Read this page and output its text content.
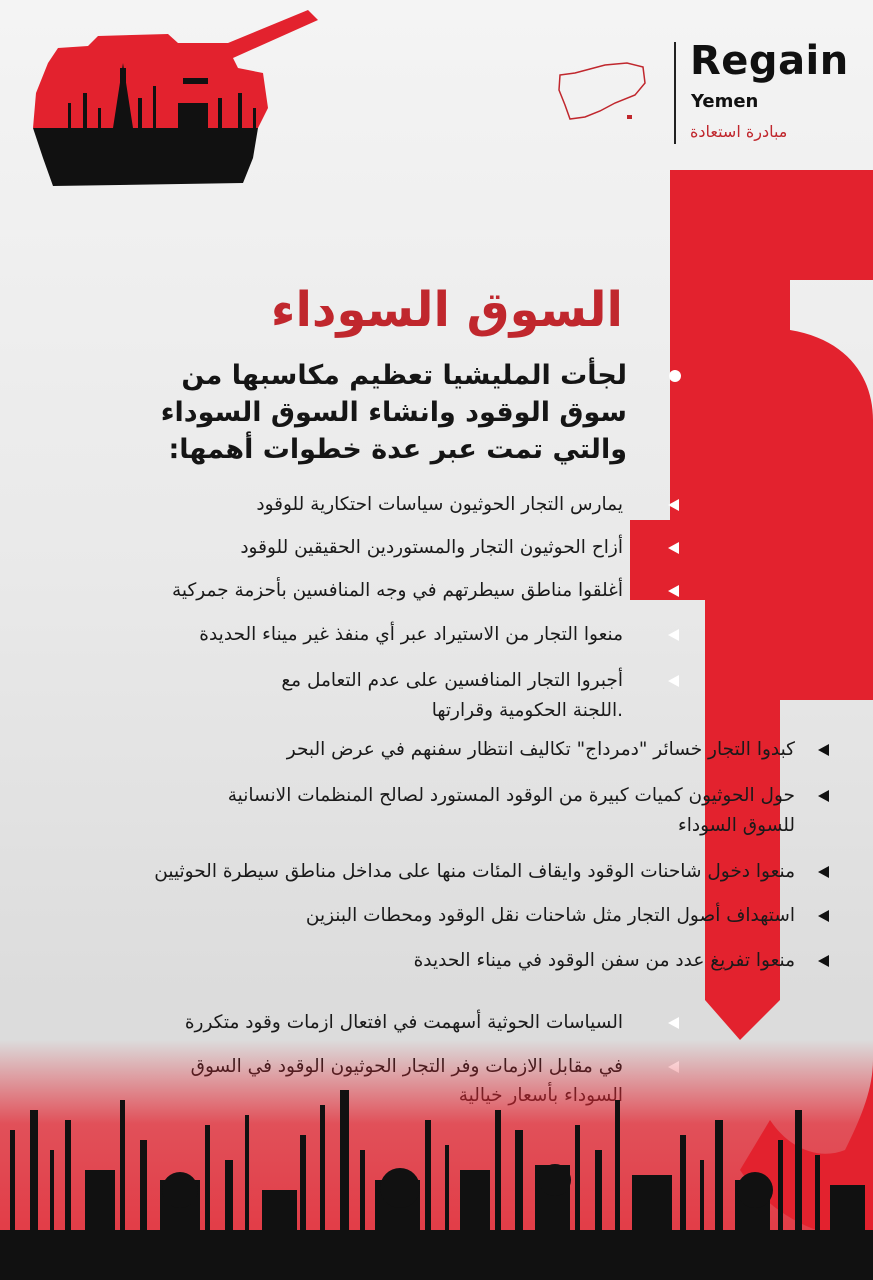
Regain
Yemen
مبادرة استعادة
السوق السوداء
لجأت المليشيا تعظيم مكاسبها من سوق الوقود وانشاء السوق السوداء والتي تمت عبر عدة خطوات أهمها:
يمارس التجار الحوثيون سياسات احتكارية للوقود
أزاح الحوثيون التجار والمستوردين الحقيقين للوقود
أغلقوا مناطق سيطرتهم في وجه المنافسين بأحزمة جمركية
منعوا التجار من الاستيراد عبر أي منفذ غير ميناء الحديدة
أجبروا التجار المنافسين على عدم التعامل مع
.اللجنة الحكومية وقرارتها
كبدوا التجار خسائر "دمرداج" تكاليف انتظار سفنهم في عرض البحر
حول الحوثيون كميات كبيرة من الوقود المستورد لصالح المنظمات الانسانية
للسوق السوداء
منعوا دخول شاحنات الوقود وايقاف المئات منها على مداخل مناطق سيطرة الحوثيين
استهداف أصول التجار مثل شاحنات نقل الوقود ومحطات البنزين
منعوا تفريغ عدد من سفن الوقود في ميناء الحديدة
السياسات الحوثية أسهمت في افتعال ازمات وقود متكررة
